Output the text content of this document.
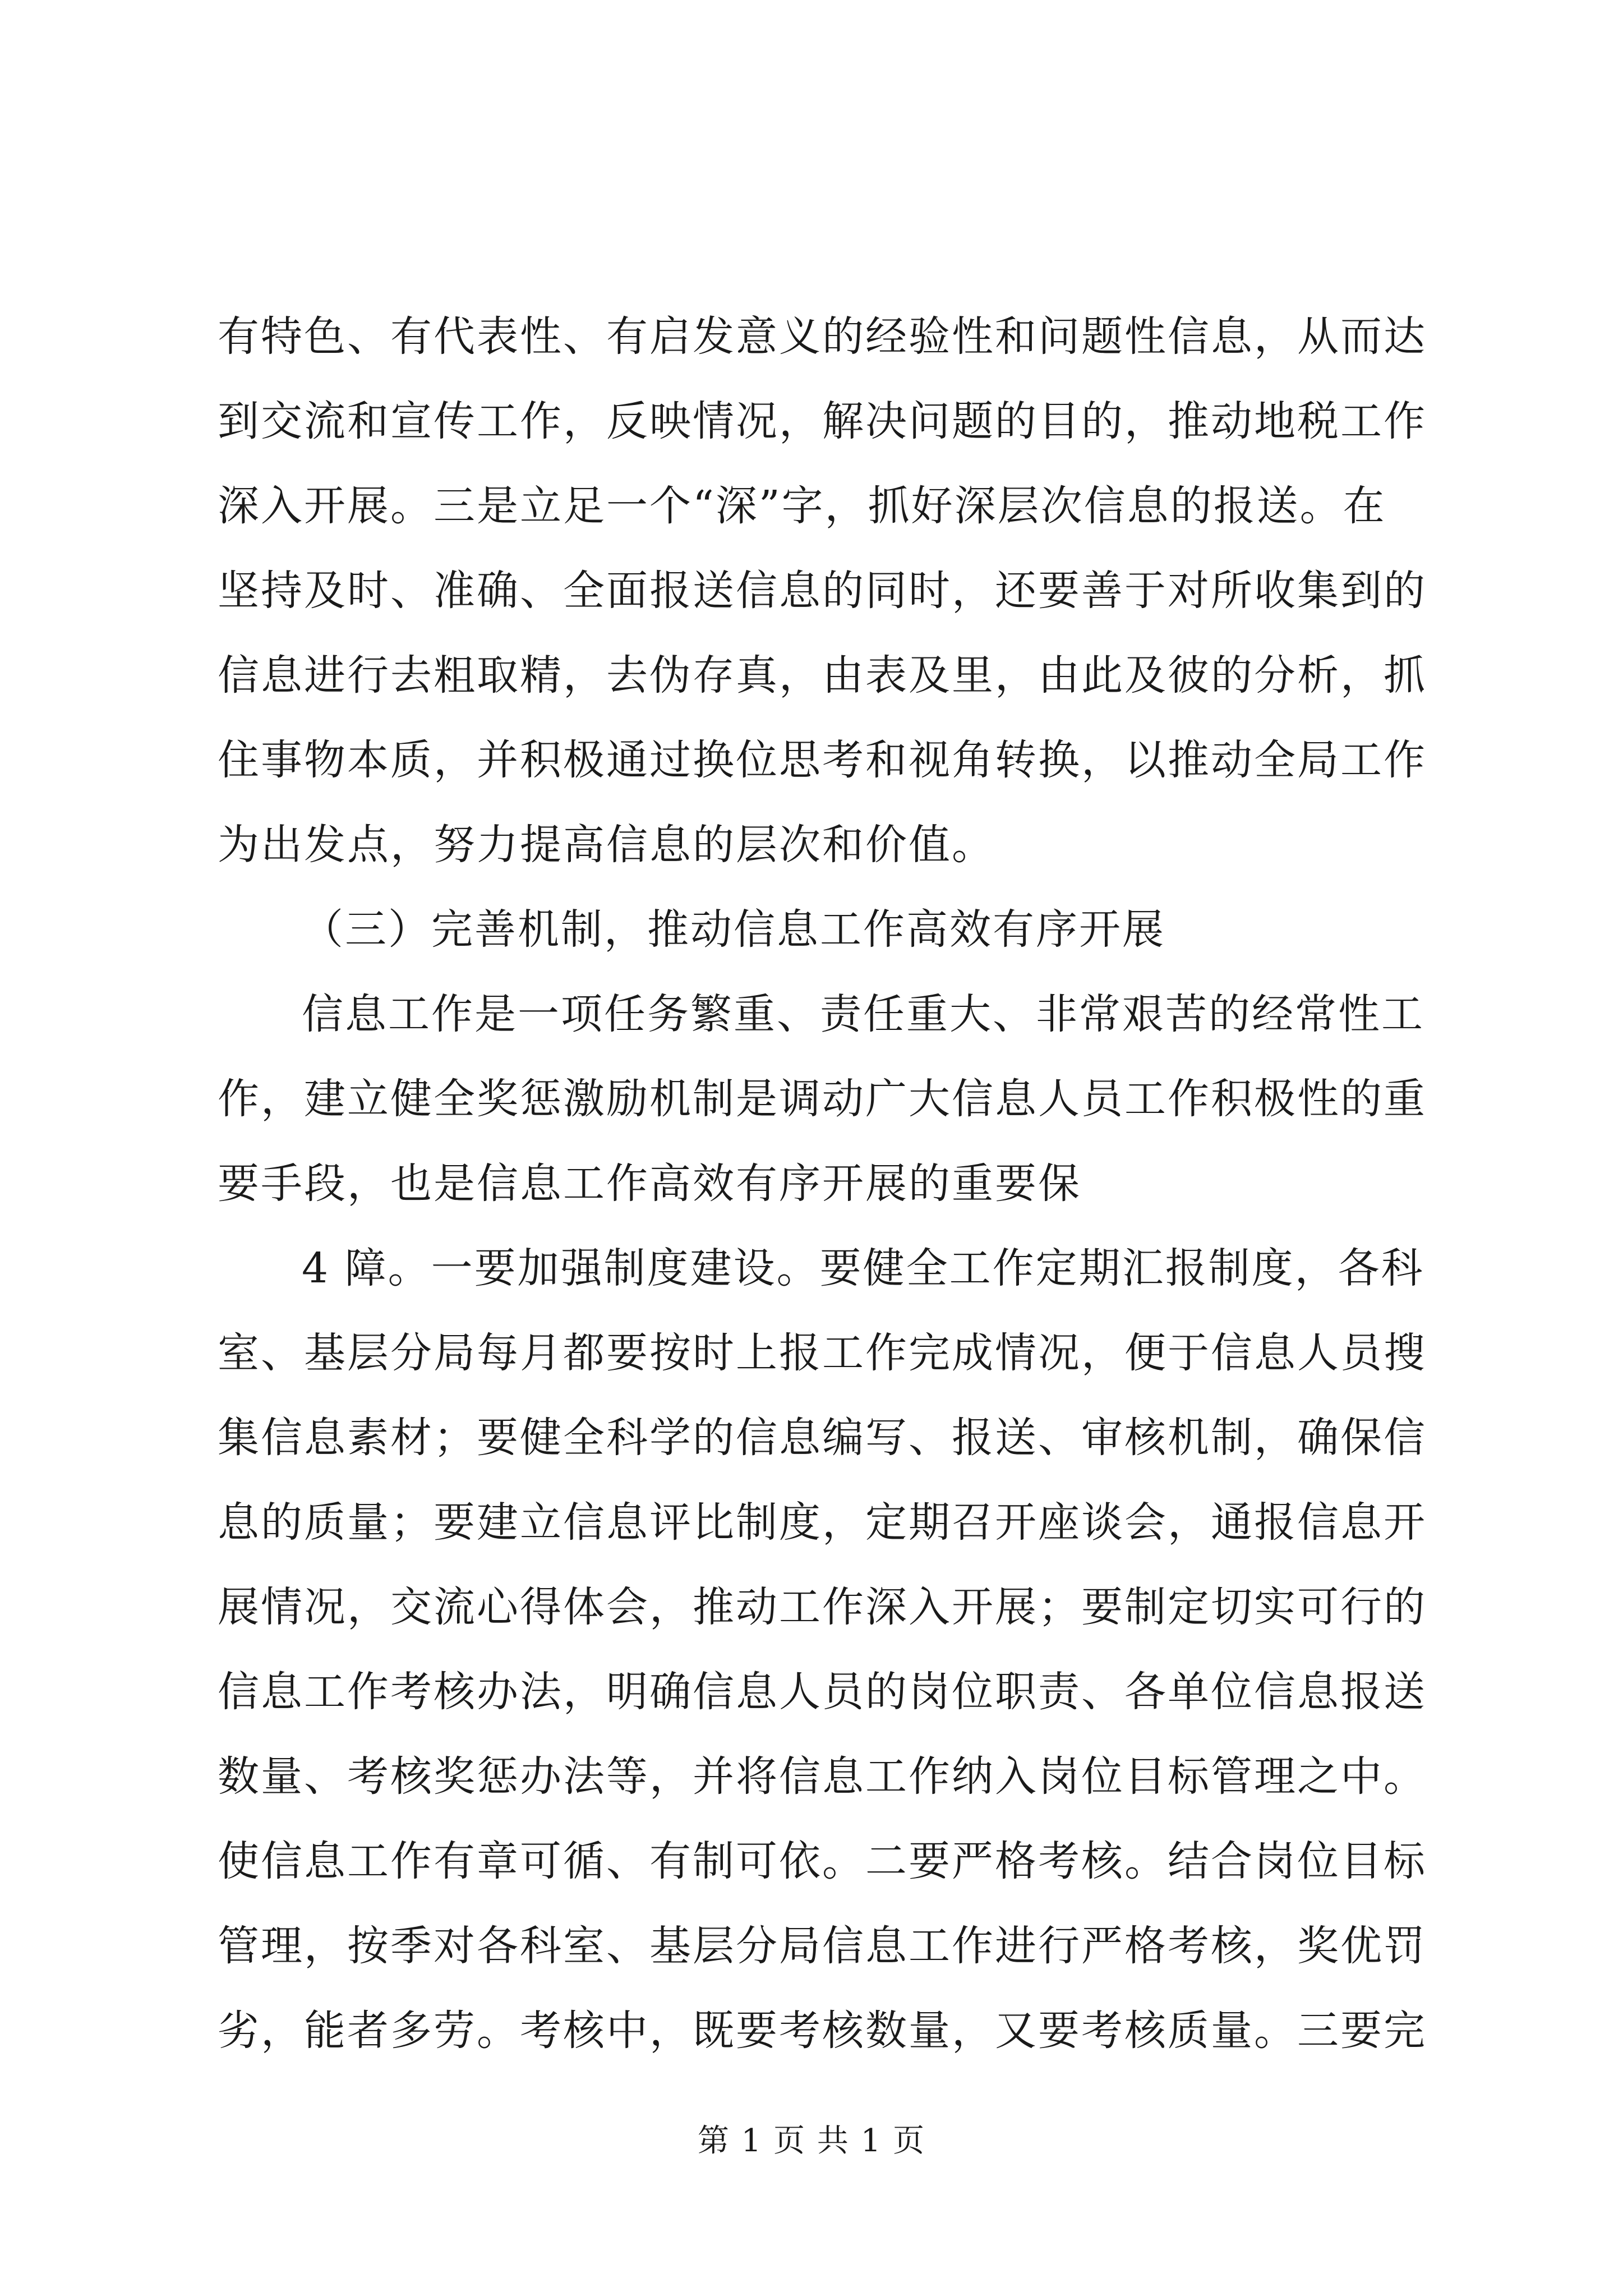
有特色、有代表性、有启发意义的经验性和问题性信息，从而达
到交流和宣传工作，反映情况，解决问题的目的，推动地税工作
深入开展。三是立足一个“深”字，抓好深层次信息的报送。在
坚持及时、准确、全面报送信息的同时，还要善于对所收集到的
信息进行去粗取精，去伪存真，由表及里，由此及彼的分析，抓
住事物本质，并积极通过换位思考和视角转换，以推动全局工作
为出发点，努力提高信息的层次和价值。
（三）完善机制，推动信息工作高效有序开展
信息工作是一项任务繁重、责任重大、非常艰苦的经常性工
作，建立健全奖惩激励机制是调动广大信息人员工作积极性的重
要手段，也是信息工作高效有序开展的重要保
4 障。一要加强制度建设。要健全工作定期汇报制度，各科
室、基层分局每月都要按时上报工作完成情况，便于信息人员搜
集信息素材；要健全科学的信息编写、报送、审核机制，确保信
息的质量；要建立信息评比制度，定期召开座谈会，通报信息开
展情况，交流心得体会，推动工作深入开展；要制定切实可行的
信息工作考核办法，明确信息人员的岗位职责、各单位信息报送
数量、考核奖惩办法等，并将信息工作纳入岗位目标管理之中。
使信息工作有章可循、有制可依。二要严格考核。结合岗位目标
管理，按季对各科室、基层分局信息工作进行严格考核，奖优罚
劣，能者多劳。考核中，既要考核数量，又要考核质量。三要完
第 1 页 共 1 页
